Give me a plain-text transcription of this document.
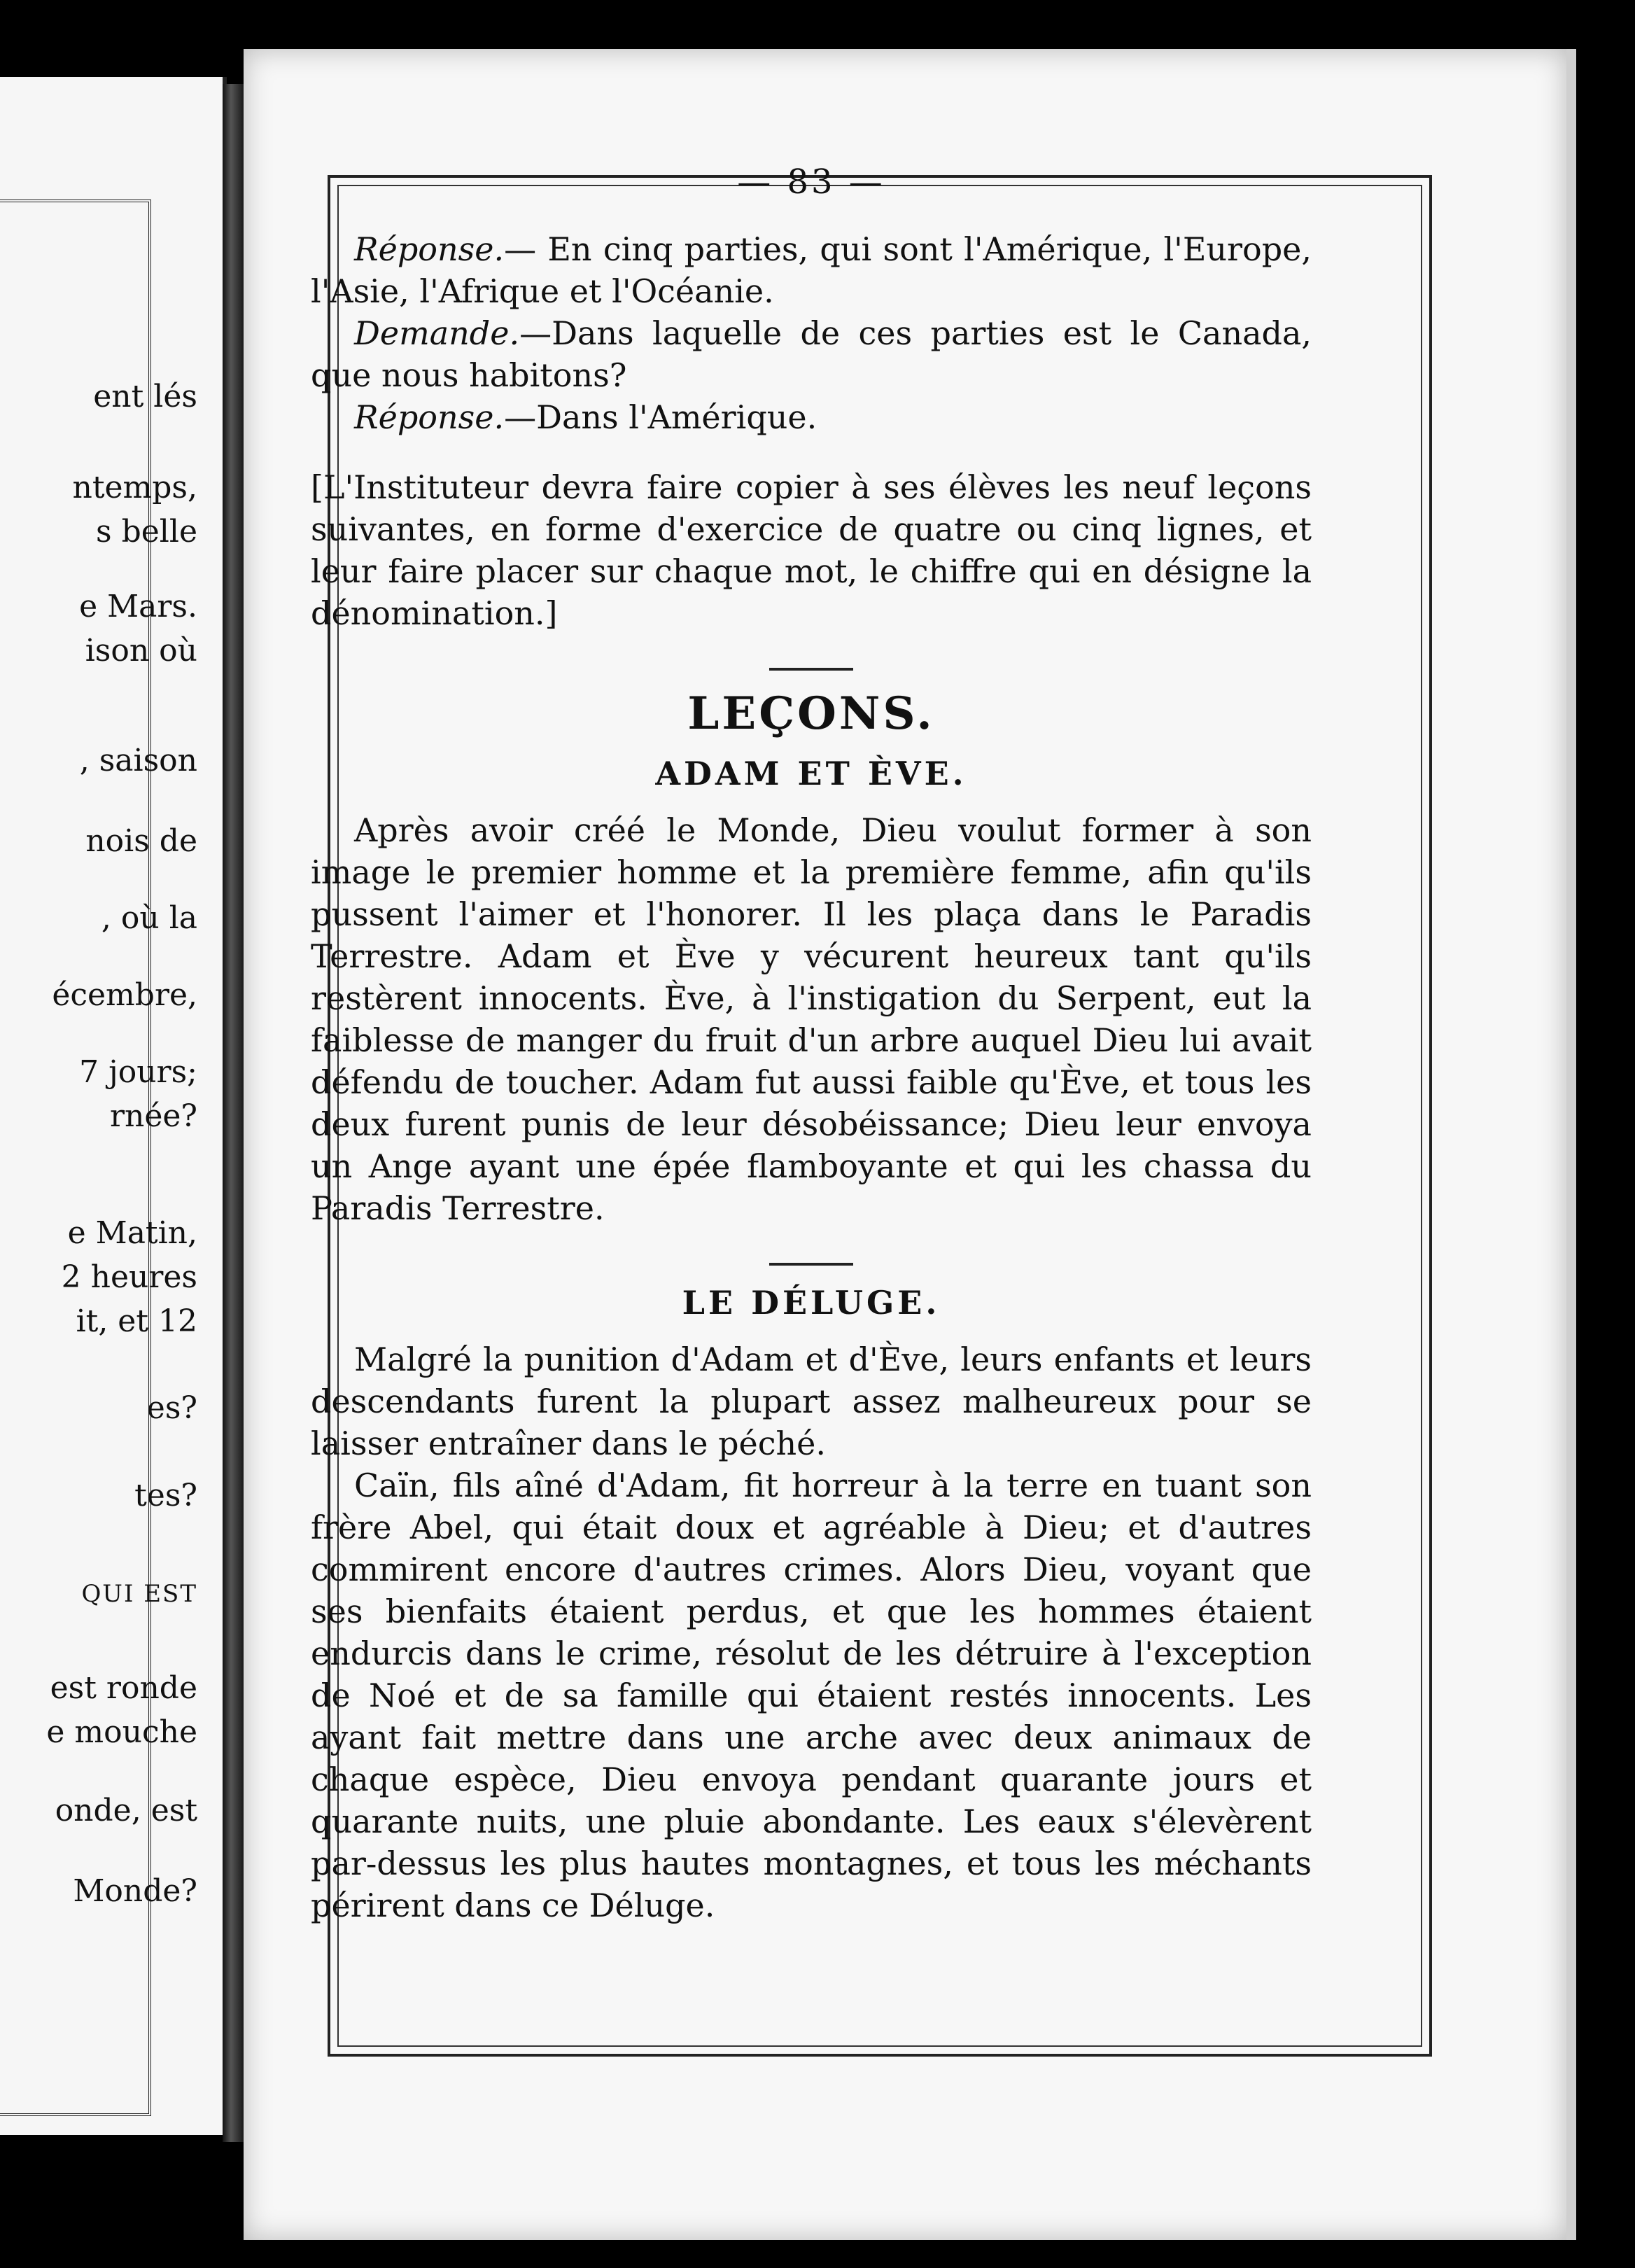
ent lés
ntemps,
s belle
e Mars.
ison où
, saison
nois de
, où la
écembre,
7 jours;
rnée?
e Matin,
2 heures
it, et 12
es?
tes?
QUI EST
est ronde
e mouche
onde, est
Monde?
— 83 —

Réponse.— En cinq parties, qui sont l'Amérique, l'Europe, l'Asie, l'Afrique et l'Océanie.

Demande.—Dans laquelle de ces parties est le Canada, que nous habitons?

Réponse.—Dans l'Amérique.

[L'Instituteur devra faire copier à ses élèves les neuf leçons suivantes, en forme d'exercice de quatre ou cinq lignes, et leur faire placer sur chaque mot, le chiffre qui en désigne la dénomination.]

LEÇONS.
ADAM ET ÈVE.

Après avoir créé le Monde, Dieu voulut former à son image le premier homme et la première femme, afin qu'ils pussent l'aimer et l'honorer. Il les plaça dans le Paradis Terrestre. Adam et Ève y vécurent heureux tant qu'ils restèrent innocents. Ève, à l'instigation du Serpent, eut la faiblesse de manger du fruit d'un arbre auquel Dieu lui avait défendu de toucher. Adam fut aussi faible qu'Ève, et tous les deux furent punis de leur désobéissance; Dieu leur envoya un Ange ayant une épée flamboyante et qui les chassa du Paradis Terrestre.

LE DÉLUGE.

Malgré la punition d'Adam et d'Ève, leurs enfants et leurs descendants furent la plupart assez malheureux pour se laisser entraîner dans le péché.

Caïn, fils aîné d'Adam, fit horreur à la terre en tuant son frère Abel, qui était doux et agréable à Dieu; et d'autres commirent encore d'autres crimes. Alors Dieu, voyant que ses bienfaits étaient perdus, et que les hommes étaient endurcis dans le crime, résolut de les détruire à l'exception de Noé et de sa famille qui étaient restés innocents. Les ayant fait mettre dans une arche avec deux animaux de chaque espèce, Dieu envoya pendant quarante jours et quarante nuits, une pluie abondante. Les eaux s'élevèrent par-dessus les plus hautes montagnes, et tous les méchants périrent dans ce Déluge.
